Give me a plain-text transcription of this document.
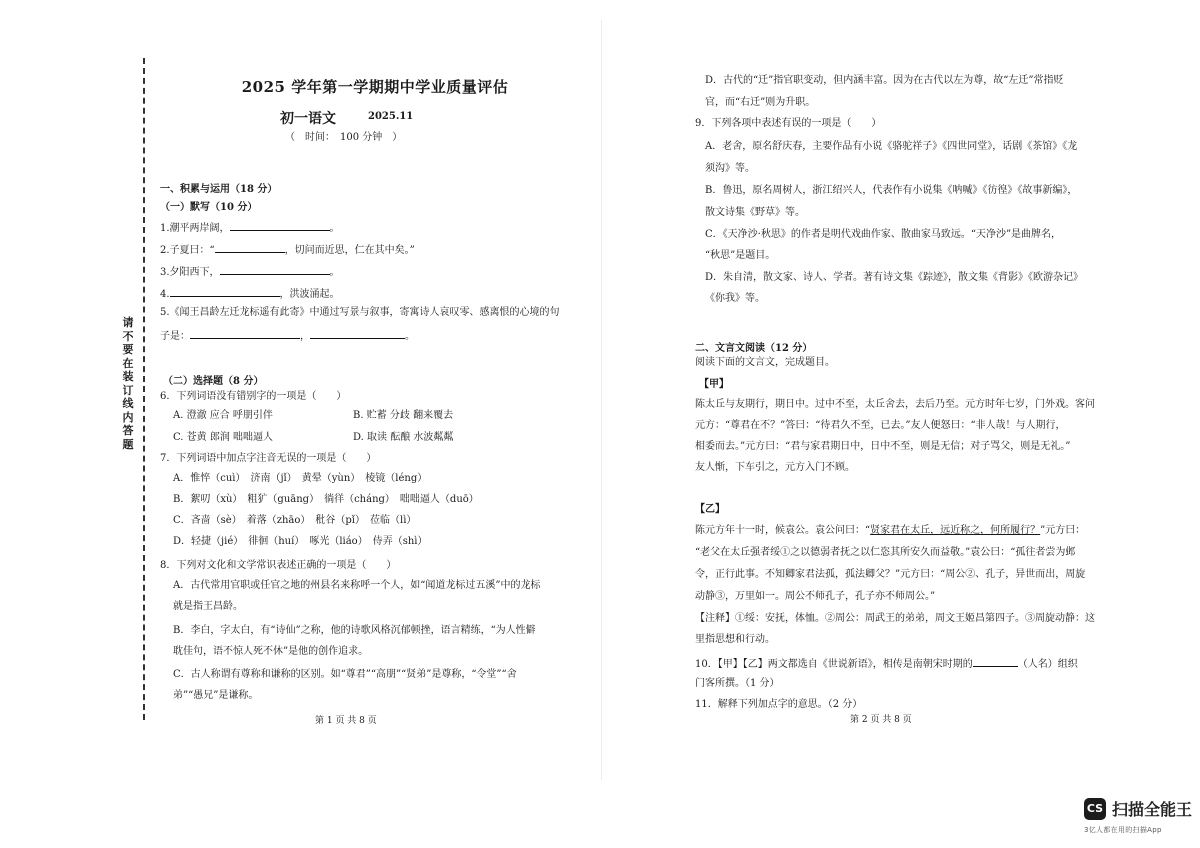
请不要在装订线内答题
2025 学年第一学期期中学业质量评估
初一语文	2025.11
（　时间：　100 分钟　）
一、积累与运用（18 分）
（一）默写（10 分）
1.潮平两岸阔，	。
2.子夏曰：“	，切问而近思，仁在其中矣。”
3.夕阳西下，	。
4.	，洪波涌起。
5.《闻王昌龄左迁龙标遥有此寄》中通过写景与叙事，寄寓诗人哀叹零、感离恨的心境的句
子是：	，	。
（二）选择题（8 分）
6．下列词语没有错别字的一项是（　　）
A. 澄澈 应合 呼朋引伴	B. 贮蓄 分歧 翻来覆去
C. 苍黄 郎润 咄咄逼人	D. 取读 酝酿 水波粼粼
7．下列词语中加点字注音无误的一项是（　　）
A．惟悴（cuì）　济南（jǐ）　黄晕（yùn）　棱镜（léng）
B．絮叨（xù）　粗犷（guāng）　徜徉（cháng）　咄咄逼人（duō）
C．吝啬（sè）　着落（zhāo）　秕谷（pǐ）　莅临（lì）
D．轻捷（jié）　徘徊（huí）　啄光（liáo）　侍弄（shì）
8．下列对文化和文学常识表述正确的一项是（　　）
A．古代常用官职或任官之地的州县名来称呼一个人，如“闻道龙标过五溪”中的龙标
就是指王昌龄。
B．李白，字太白，有“诗仙”之称，他的诗歌风格沉郁顿挫，语言精练，“为人性僻
耽佳句，语不惊人死不休”是他的创作追求。
C．古人称谓有尊称和谦称的区别。如“尊君”“高朋”“贤弟”是尊称，“令堂”“舍
弟”“愚兄”是谦称。
第 1 页 共 8 页
D．古代的“迁”指官职变动，但内涵丰富。因为在古代以左为尊，故“左迁”常指贬
官，而“右迁”则为升职。
9．下列各项中表述有误的一项是（　　）
A．老舍，原名舒庆春，主要作品有小说《骆驼祥子》《四世同堂》，话剧《茶馆》《龙
须沟》等。
B．鲁迅，原名周树人，浙江绍兴人，代表作有小说集《呐喊》《彷徨》《故事新编》，
散文诗集《野草》等。
C．《天净沙·秋思》的作者是明代戏曲作家、散曲家马致远。“天净沙”是曲牌名，
“秋思”是题目。
D．朱自清，散文家、诗人、学者。著有诗文集《踪迹》，散文集《背影》《欧游杂记》
《你我》等。
二、文言文阅读（12 分）
阅读下面的文言文，完成题目。
【甲】
陈太丘与友期行，期日中。过中不至，太丘舍去，去后乃至。元方时年七岁，门外戏。客问
元方：“尊君在不？”答曰：“待君久不至，已去。”友人便怒曰：“非人哉！与人期行，
相委而去。”元方曰：“君与家君期日中，日中不至，则是无信；对子骂父，则是无礼。”
友人惭，下车引之，元方入门不顾。
【乙】
陈元方年十一时，候袁公。袁公问曰：“贤家君在太丘，远近称之，何所履行？”元方曰：
“老父在太丘强者绥①之以德弱者抚之以仁恣其所安久而益敬。”袁公曰：“孤往者尝为邺
令，正行此事。不知卿家君法孤，孤法卿父？”元方曰：“周公②、孔子，异世而出，周旋
动静③，万里如一。周公不师孔子，孔子亦不师周公。”
【注释】①绥：安抚，体恤。②周公：周武王的弟弟，周文王姬昌第四子。③周旋动静：这
里指思想和行动。
10．【甲】【乙】两文都选自《世说新语》，相传是南朝宋时期的	（人名）组织
门客所撰。（1 分）
11．解释下列加点字的意思。（2 分）
第 2 页 共 8 页
CS 扫描全能王
3亿人都在用的扫描App
